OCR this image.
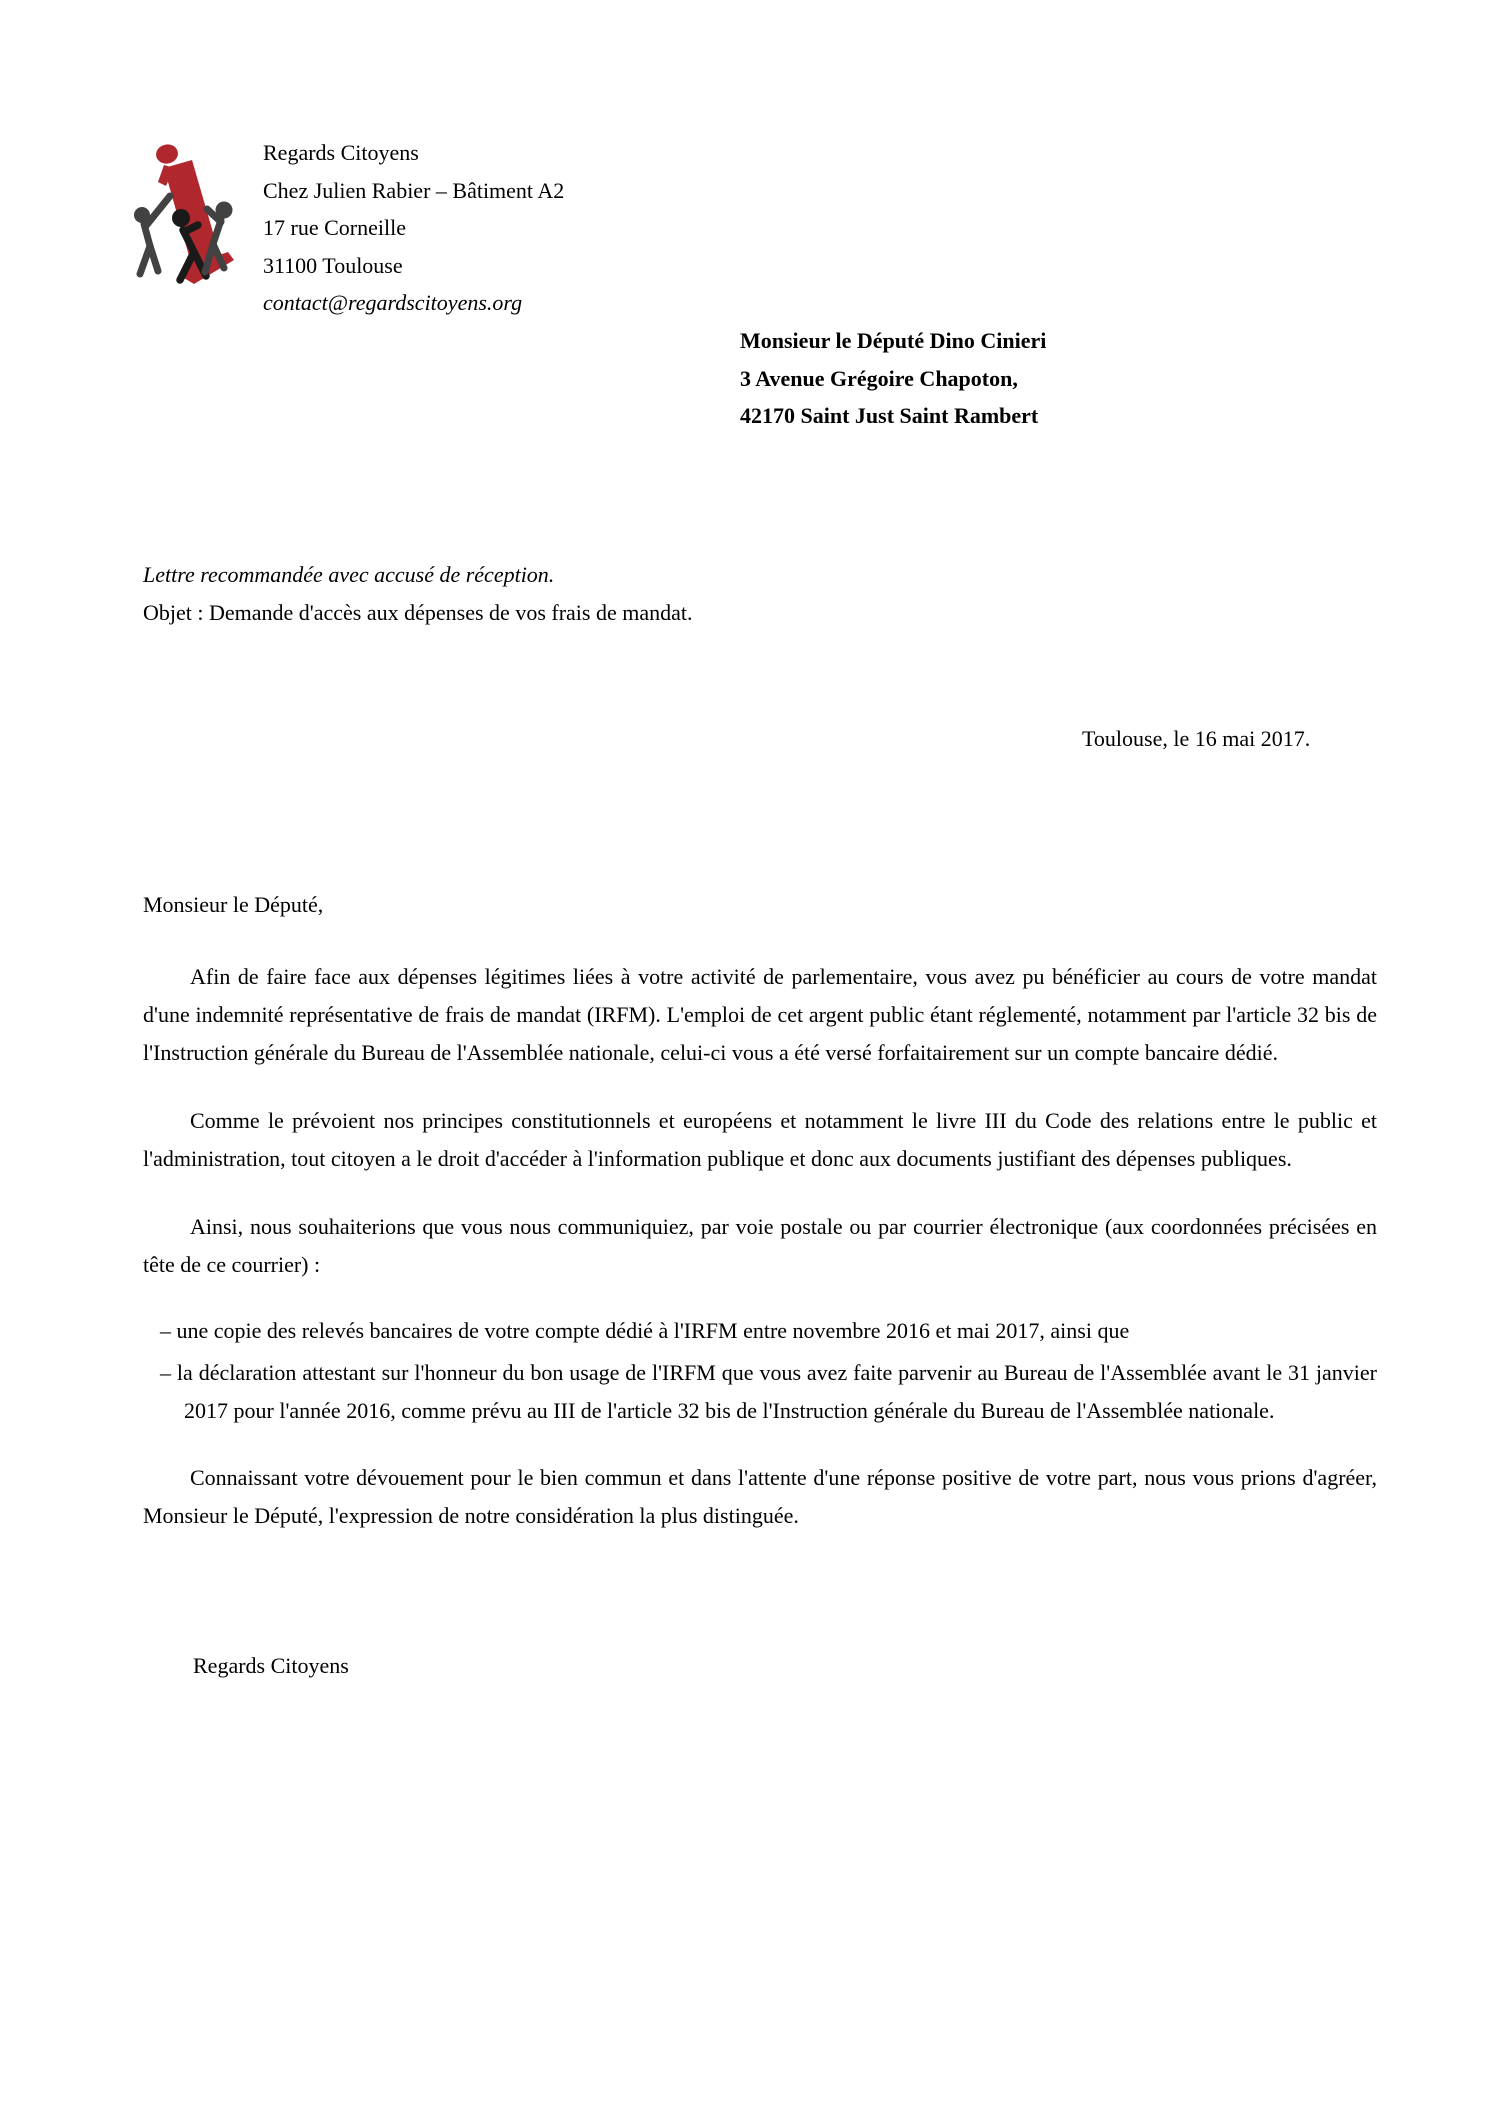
Regards Citoyens
Chez Julien Rabier – Bâtiment A2
17 rue Corneille
31100 Toulouse
contact@regardscitoyens.org
Monsieur le Député Dino Cinieri
3 Avenue Grégoire Chapoton,
42170 Saint Just Saint Rambert
Lettre recommandée avec accusé de réception.
Objet : Demande d'accès aux dépenses de vos frais de mandat.
Toulouse, le 16 mai 2017.
Monsieur le Député,
Afin de faire face aux dépenses légitimes liées à votre activité de parlementaire, vous avez pu bénéficier au cours de votre mandat d'une indemnité représentative de frais de mandat (IRFM). L'emploi de cet argent public étant réglementé, notamment par l'article 32 bis de l'Instruction générale du Bureau de l'Assemblée nationale, celui-ci vous a été versé forfaitairement sur un compte bancaire dédié.
Comme le prévoient nos principes constitutionnels et européens et notamment le livre III du Code des relations entre le public et l'administration, tout citoyen a le droit d'accéder à l'information publique et donc aux documents justifiant des dépenses publiques.
Ainsi, nous souhaiterions que vous nous communiquiez, par voie postale ou par courrier électronique (aux coordonnées précisées en tête de ce courrier) :
– une copie des relevés bancaires de votre compte dédié à l'IRFM entre novembre 2016 et mai 2017, ainsi que
– la déclaration attestant sur l'honneur du bon usage de l'IRFM que vous avez faite parvenir au Bureau de l'Assemblée avant le 31 janvier 2017 pour l'année 2016, comme prévu au III de l'article 32 bis de l'Instruction générale du Bureau de l'Assemblée nationale.
Connaissant votre dévouement pour le bien commun et dans l'attente d'une réponse positive de votre part, nous vous prions d'agréer, Monsieur le Député, l'expression de notre considération la plus distinguée.
Regards Citoyens
